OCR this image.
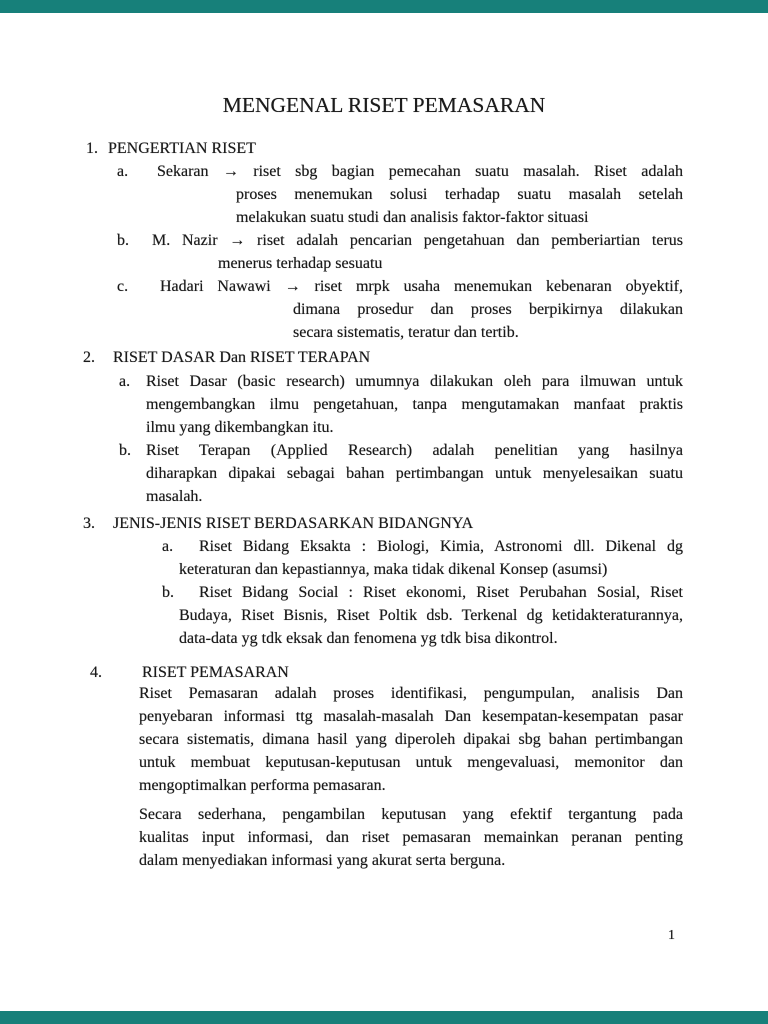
MENGENAL RISET PEMASARAN
1. PENGERTIAN RISET
a. Sekaran → riset sbg bagian pemecahan suatu masalah. Riset adalah
proses menemukan solusi terhadap suatu masalah setelah
melakukan suatu studi dan analisis faktor-faktor situasi
b. M. Nazir → riset adalah pencarian pengetahuan dan pemberiartian terus
menerus terhadap sesuatu
c. Hadari Nawawi → riset mrpk usaha menemukan kebenaran obyektif,
dimana prosedur dan proses berpikirnya dilakukan
secara sistematis, teratur dan tertib.
2. RISET DASAR Dan RISET TERAPAN
a. Riset Dasar (basic research) umumnya dilakukan oleh para ilmuwan untuk
mengembangkan ilmu pengetahuan, tanpa mengutamakan manfaat praktis
ilmu yang dikembangkan itu.
b. Riset Terapan (Applied Research) adalah penelitian yang hasilnya
diharapkan dipakai sebagai bahan pertimbangan untuk menyelesaikan suatu
masalah.
3. JENIS-JENIS RISET BERDASARKAN BIDANGNYA
a. Riset Bidang Eksakta : Biologi, Kimia, Astronomi dll. Dikenal dg
keteraturan dan kepastiannya, maka tidak dikenal Konsep (asumsi)
b. Riset Bidang Social : Riset ekonomi, Riset Perubahan Sosial, Riset
Budaya, Riset Bisnis, Riset Poltik dsb. Terkenal dg ketidakteraturannya,
data-data yg tdk eksak dan fenomena yg tdk bisa dikontrol.
4.	RISET PEMASARAN
Riset Pemasaran adalah proses identifikasi, pengumpulan, analisis Dan
penyebaran informasi ttg masalah-masalah Dan kesempatan-kesempatan pasar
secara sistematis, dimana hasil yang diperoleh dipakai sbg bahan pertimbangan
untuk membuat keputusan-keputusan untuk mengevaluasi, memonitor dan
mengoptimalkan performa pemasaran.
Secara sederhana, pengambilan keputusan yang efektif tergantung pada
kualitas input informasi, dan riset pemasaran memainkan peranan penting
dalam menyediakan informasi yang akurat serta berguna.
1
